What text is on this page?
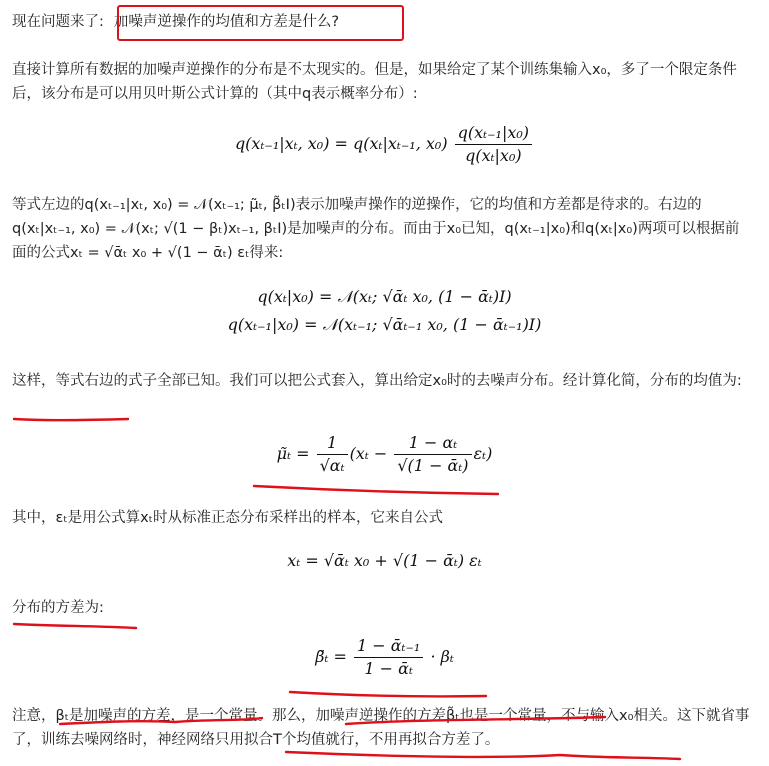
现在问题来了: 加噪声逆操作的均值和方差是什么?

直接计算所有数据的加噪声逆操作的分布是不太现实的。但是，如果给定了某个训练集输入x₀，多了一个限定条件后，该分布是可以用贝叶斯公式计算的（其中q表示概率分布）:

q(xₜ₋₁|xₜ, x₀) = q(xₜ|xₜ₋₁, $x_0) \frac{\text{q(xₜ₋₁|x₀)}}{\text{q(xₜ|x₀)}}$

等式左边的q(xₜ₋₁|xₜ, x₀) = 𝒩(xₜ₋₁; μ̃ₜ, β̃ₜI)表示加噪声操作的逆操作，它的均值和方差都是待求的。右边的q(xₜ|xₜ₋₁, x₀) = 𝒩(xₜ; √(1 − βₜ)xₜ₋₁, βₜI)是加噪声的分布。而由于x₀已知，q(xₜ₋₁|x₀)和q(xₜ|x₀)两项可以根据前面的公式xₜ = √ᾱₜ x₀ + √(1 − ᾱₜ) εₜ得来:

q(xₜ|x₀) = 𝒩(xₜ; √ᾱₜ x₀, (1 − ᾱₜ)I)
q(xₜ₋₁|x₀) = 𝒩(xₜ₋₁; √ᾱₜ₋₁ x₀, (1 − ᾱₜ₋₁)I)

这样，等式右边的式子全部已知。我们可以把公式套入，算出给定x₀时的去噪声分布。经计算化简，分布的均值为:

μ̃ₜ = $\frac{1}{\text{√αₜ}} (x_t - \frac{\text{1 − αₜ}}{\text{√(1 − ᾱₜ)}} \varepsilon_t)$

其中，εₜ是用公式算xₜ时从标准正态分布采样出的样本，它来自公式

xₜ = √ᾱₜ x₀ + √(1 − ᾱₜ) εₜ

分布的方差为:

β̃ₜ = $\frac{\text{1 − ᾱₜ₋₁}}{\text{1 − ᾱₜ}} \cdot \beta_t$

注意，βₜ是加噪声的方差，是一个常量。那么，加噪声逆操作的方差β̃ₜ也是一个常量，不与输入x₀相关。这下就省事了，训练去噪网络时，神经网络只用拟合T个均值就行，不用再拟合方差了。
